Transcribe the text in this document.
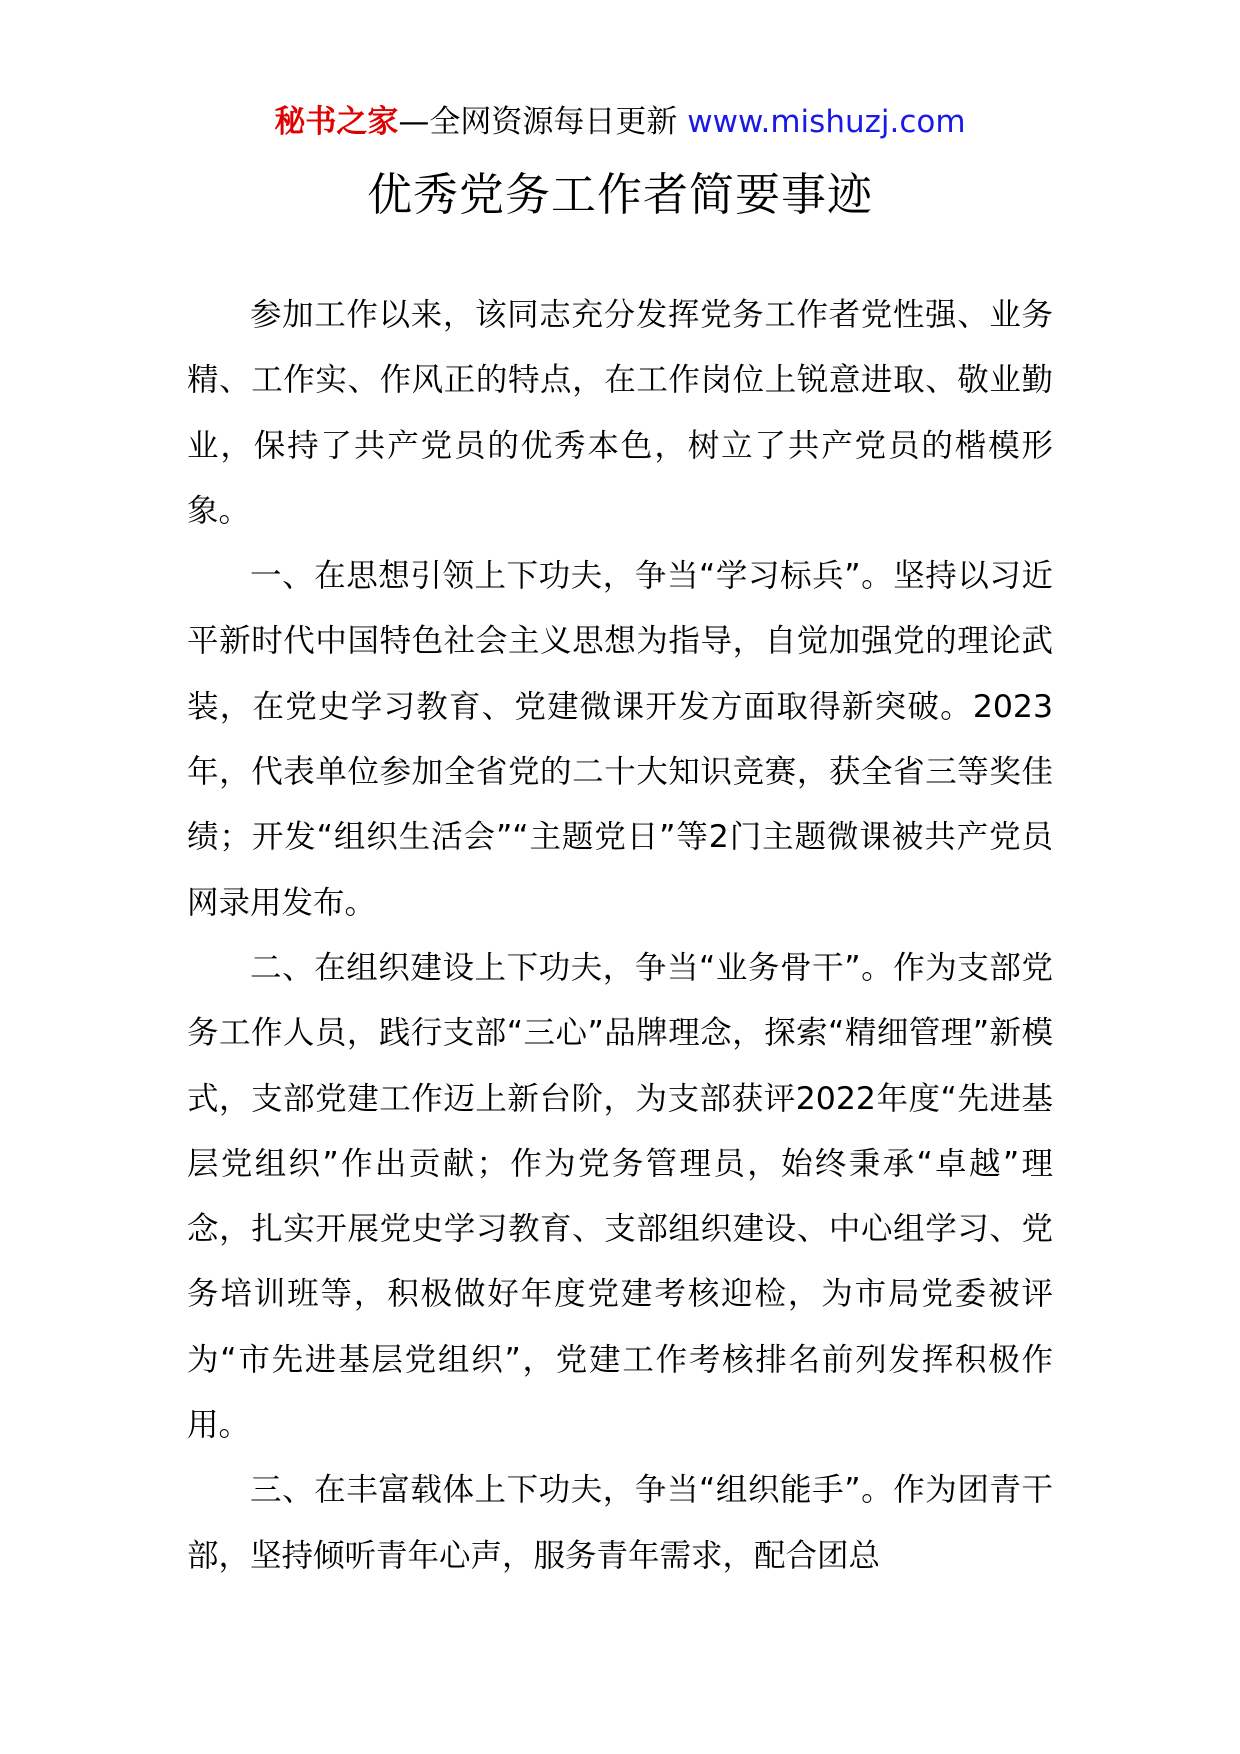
秘书之家—全网资源每日更新 www.mishuzj.com
优秀党务工作者简要事迹

参加工作以来，该同志充分发挥党务工作者党性强、业务精、工作实、作风正的特点，在工作岗位上锐意进取、敬业勤业，保持了共产党员的优秀本色，树立了共产党员的楷模形象。

一、在思想引领上下功夫，争当“学习标兵”。坚持以习近平新时代中国特色社会主义思想为指导，自觉加强党的理论武装，在党史学习教育、党建微课开发方面取得新突破。2023年，代表单位参加全省党的二十大知识竞赛，获全省三等奖佳绩；开发“组织生活会”“主题党日”等2门主题微课被共产党员网录用发布。

二、在组织建设上下功夫，争当“业务骨干”。作为支部党务工作人员，践行支部“三心”品牌理念，探索“精细管理”新模式，支部党建工作迈上新台阶，为支部获评2022年度“先进基层党组织”作出贡献；作为党务管理员，始终秉承“卓越”理念，扎实开展党史学习教育、支部组织建设、中心组学习、党务培训班等，积极做好年度党建考核迎检，为市局党委被评为“市先进基层党组织”，党建工作考核排名前列发挥积极作用。

三、在丰富载体上下功夫，争当“组织能手”。作为团青干部，坚持倾听青年心声，服务青年需求，配合团总
